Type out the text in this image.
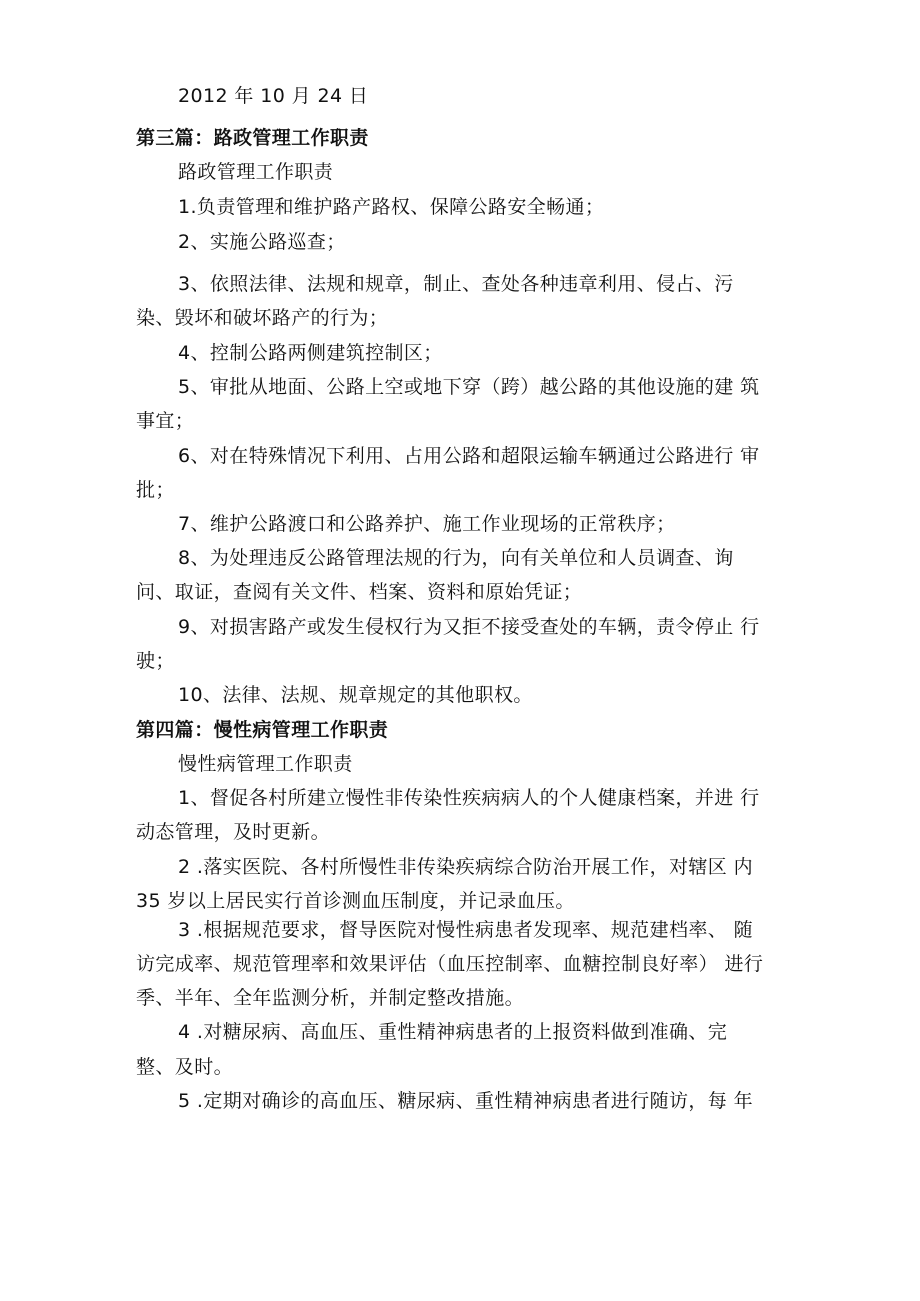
2012 年 10 月 24 日
第三篇：路政管理工作职责
路政管理工作职责
1.负责管理和维护路产路权、保障公路安全畅通；
2、实施公路巡查；
3、依照法律、法规和规章，制止、查处各种违章利用、侵占、污
染、毁坏和破坏路产的行为；
4、控制公路两侧建筑控制区；
5、审批从地面、公路上空或地下穿（跨）越公路的其他设施的建 筑
事宜；
6、对在特殊情况下利用、占用公路和超限运输车辆通过公路进行 审
批；
7、维护公路渡口和公路养护、施工作业现场的正常秩序；
8、为处理违反公路管理法规的行为，向有关单位和人员调查、询
问、取证，查阅有关文件、档案、资料和原始凭证；
9、对损害路产或发生侵权行为又拒不接受查处的车辆，责令停止 行
驶；
10、法律、法规、规章规定的其他职权。
第四篇：慢性病管理工作职责
慢性病管理工作职责
1、督促各村所建立慢性非传染性疾病病人的个人健康档案，并进 行
动态管理，及时更新。
2 .落实医院、各村所慢性非传染疾病综合防治开展工作，对辖区 内
35 岁以上居民实行首诊测血压制度，并记录血压。
3 .根据规范要求，督导医院对慢性病患者发现率、规范建档率、 随
访完成率、规范管理率和效果评估（血压控制率、血糖控制良好率） 进行
季、半年、全年监测分析，并制定整改措施。
4 .对糖尿病、高血压、重性精神病患者的上报资料做到准确、完
整、及时。
5 .定期对确诊的高血压、糖尿病、重性精神病患者进行随访，每 年
